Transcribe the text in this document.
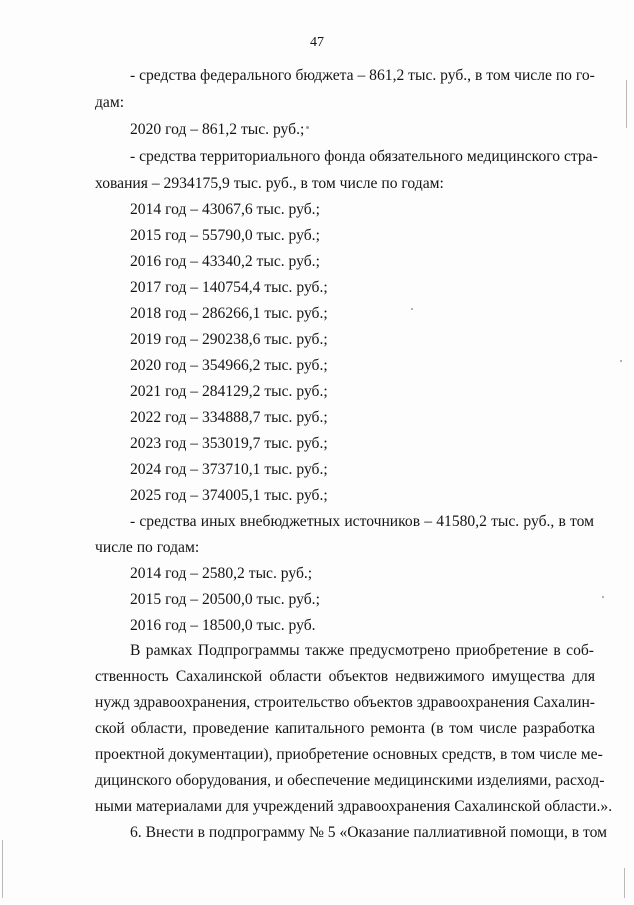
47
- средства федерального бюджета – 861,2 тыс. руб., в том числе по го-
дам:
2020 год – 861,2 тыс. руб.;
- средства территориального фонда обязательного медицинского стра-
хования – 2934175,9 тыс. руб., в том числе по годам:
2014 год – 43067,6 тыс. руб.;
2015 год – 55790,0 тыс. руб.;
2016 год – 43340,2 тыс. руб.;
2017 год – 140754,4 тыс. руб.;
2018 год – 286266,1 тыс. руб.;
2019 год – 290238,6 тыс. руб.;
2020 год – 354966,2 тыс. руб.;
2021 год – 284129,2 тыс. руб.;
2022 год – 334888,7 тыс. руб.;
2023 год – 353019,7 тыс. руб.;
2024 год – 373710,1 тыс. руб.;
2025 год – 374005,1 тыс. руб.;
- средства иных внебюджетных источников – 41580,2 тыс. руб., в том
числе по годам:
2014 год – 2580,2 тыс. руб.;
2015 год – 20500,0 тыс. руб.;
2016 год – 18500,0 тыс. руб.
В рамках Подпрограммы также предусмотрено приобретение в соб-
ственность Сахалинской области объектов недвижимого имущества для
нужд здравоохранения, строительство объектов здравоохранения Сахалин-
ской области, проведение капитального ремонта (в том числе разработка
проектной документации), приобретение основных средств, в том числе ме-
дицинского оборудования, и обеспечение медицинскими изделиями, расход-
ными материалами для учреждений здравоохранения Сахалинской области.».
6. Внести в подпрограмму № 5 «Оказание паллиативной помощи, в том
